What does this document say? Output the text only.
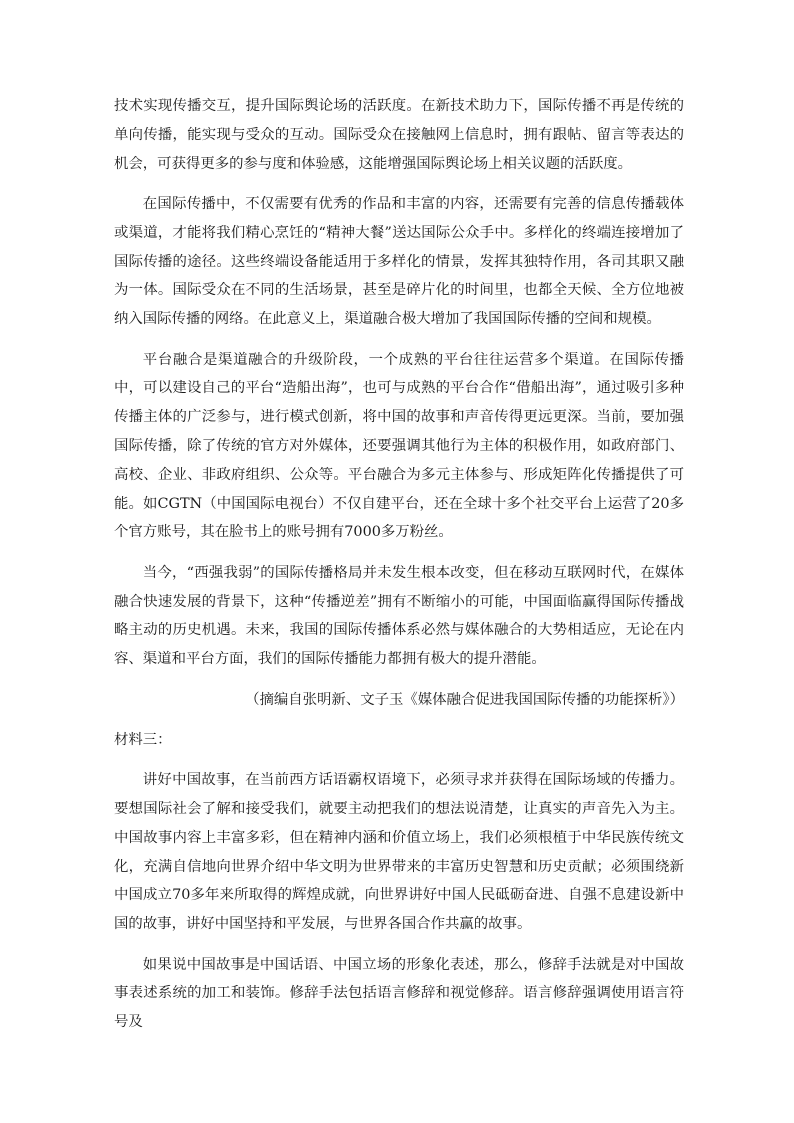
技术实现传播交互，提升国际舆论场的活跃度。在新技术助力下，国际传播不再是传统的单向传播，能实现与受众的互动。国际受众在接触网上信息时，拥有跟帖、留言等表达的机会，可获得更多的参与度和体验感，这能增强国际舆论场上相关议题的活跃度。

在国际传播中，不仅需要有优秀的作品和丰富的内容，还需要有完善的信息传播载体或渠道，才能将我们精心烹饪的“精神大餐”送达国际公众手中。多样化的终端连接增加了国际传播的途径。这些终端设备能适用于多样化的情景，发挥其独特作用，各司其职又融为一体。国际受众在不同的生活场景，甚至是碎片化的时间里，也都全天候、全方位地被纳入国际传播的网络。在此意义上，渠道融合极大增加了我国国际传播的空间和规模。

平台融合是渠道融合的升级阶段，一个成熟的平台往往运营多个渠道。在国际传播中，可以建设自己的平台“造船出海”，也可与成熟的平台合作“借船出海”，通过吸引多种传播主体的广泛参与，进行模式创新，将中国的故事和声音传得更远更深。当前，要加强国际传播，除了传统的官方对外媒体，还要强调其他行为主体的积极作用，如政府部门、高校、企业、非政府组织、公众等。平台融合为多元主体参与、形成矩阵化传播提供了可能。如CGTN（中国国际电视台）不仅自建平台，还在全球十多个社交平台上运营了20多个官方账号，其在脸书上的账号拥有7000多万粉丝。

当今，“西强我弱”的国际传播格局并未发生根本改变，但在移动互联网时代，在媒体融合快速发展的背景下，这种“传播逆差”拥有不断缩小的可能，中国面临赢得国际传播战略主动的历史机遇。未来，我国的国际传播体系必然与媒体融合的大势相适应，无论在内容、渠道和平台方面，我们的国际传播能力都拥有极大的提升潜能。

（摘编自张明新、文子玉《媒体融合促进我国国际传播的功能探析》）

材料三：

讲好中国故事，在当前西方话语霸权语境下，必须寻求并获得在国际场域的传播力。要想国际社会了解和接受我们，就要主动把我们的想法说清楚，让真实的声音先入为主。中国故事内容上丰富多彩，但在精神内涵和价值立场上，我们必须根植于中华民族传统文化，充满自信地向世界介绍中华文明为世界带来的丰富历史智慧和历史贡献；必须围绕新中国成立70多年来所取得的辉煌成就，向世界讲好中国人民砥砺奋进、自强不息建设新中国的故事，讲好中国坚持和平发展，与世界各国合作共赢的故事。

如果说中国故事是中国话语、中国立场的形象化表述，那么，修辞手法就是对中国故事表述系统的加工和装饰。修辞手法包括语言修辞和视觉修辞。语言修辞强调使用语言符号及
